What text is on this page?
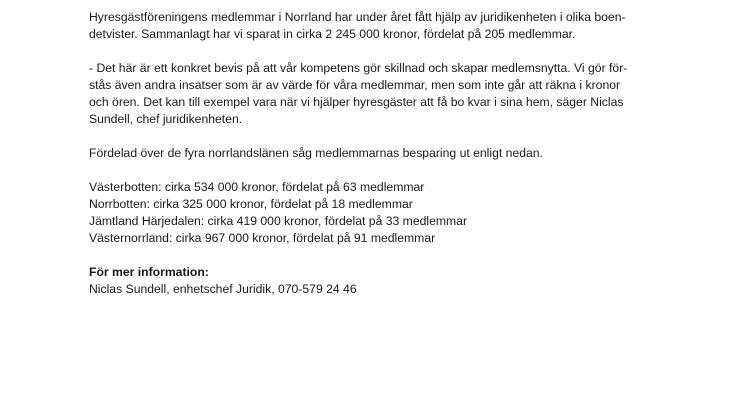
Hyresgästföreningens medlemmar i Norrland har under året fått hjälp av juridikenheten i olika boen-
detvister. Sammanlagt har vi sparat in cirka 2 245 000 kronor, fördelat på 205 medlemmar.
- Det här är ett konkret bevis på att vår kompetens gör skillnad och skapar medlemsnytta. Vi gör för-
stås även andra insatser som är av värde för våra medlemmar, men som inte går att räkna i kronor
och ören. Det kan till exempel vara när vi hjälper hyresgäster att få bo kvar i sina hem, säger Niclas
Sundell, chef juridikenheten.
Fördelad över de fyra norrlandslänen såg medlemmarnas besparing ut enligt nedan.
Västerbotten: cirka 534 000 kronor, fördelat på 63 medlemmar
Norrbotten: cirka 325 000 kronor, fördelat på 18 medlemmar
Jämtland Härjedalen: cirka 419 000 kronor, fördelat på 33 medlemmar
Västernorrland: cirka 967 000 kronor, fördelat på 91 medlemmar
För mer information:
Niclas Sundell, enhetschef Juridik, 070-579 24 46
